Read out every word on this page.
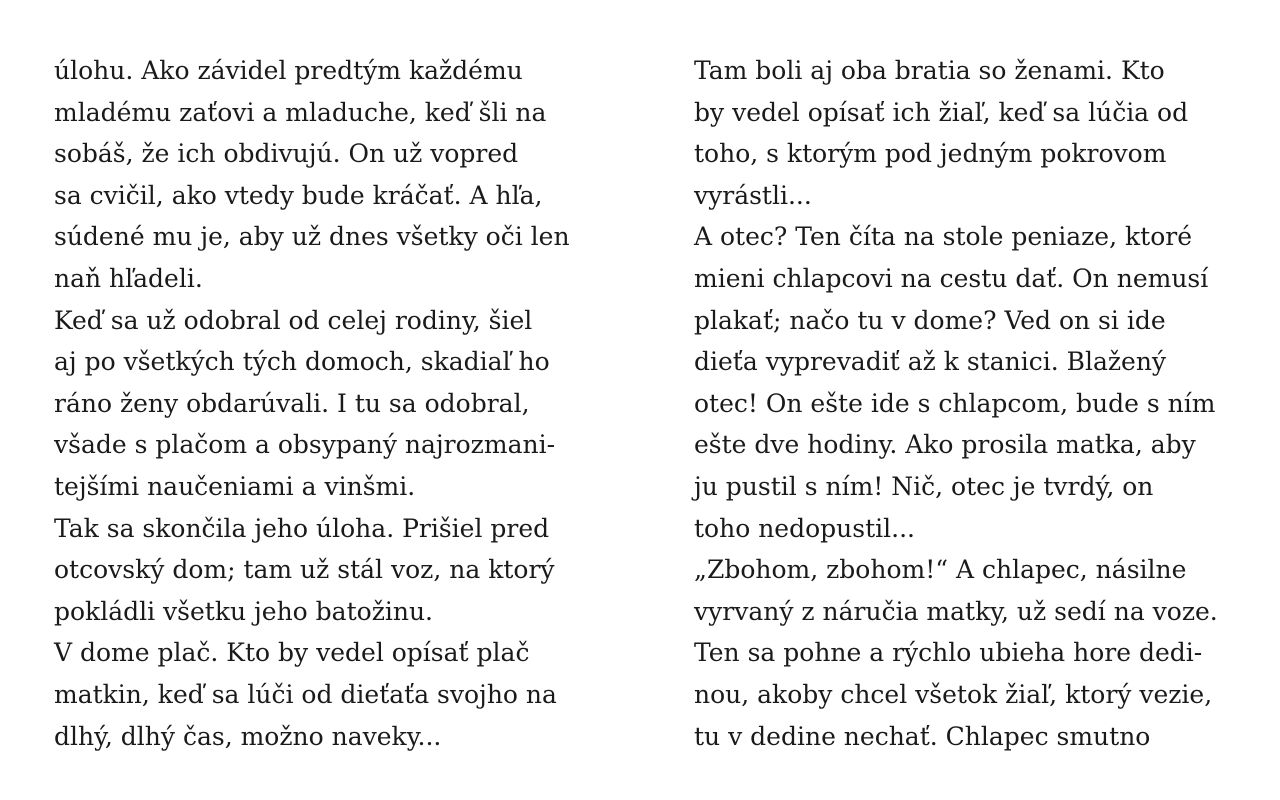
úlohu. Ako závidel predtým každému
mladému zaťovi a mladuche, keď šli na
sobáš, že ich obdivujú. On už vopred
sa cvičil, ako vtedy bude kráčať. A hľa,
súdené mu je, aby už dnes všetky oči len
naň hľadeli.
Keď sa už odobral od celej rodiny, šiel
aj po všetkých tých domoch, skadiaľ ho
ráno ženy obdarúvali. I tu sa odobral,
všade s plačom a obsypaný najrozmani-
tejšími naučeniami a vinšmi.
Tak sa skončila jeho úloha. Prišiel pred
otcovský dom; tam už stál voz, na ktorý
pokládli všetku jeho batožinu.
V dome plač. Kto by vedel opísať plač
matkin, keď sa lúči od dieťaťa svojho na
dlhý, dlhý čas, možno naveky...
Tam boli aj oba bratia so ženami. Kto
by vedel opísať ich žiaľ, keď sa lúčia od
toho, s ktorým pod jedným pokrovom
vyrástli...
A otec? Ten číta na stole peniaze, ktoré
mieni chlapcovi na cestu dať. On nemusí
plakať; načo tu v dome? Ved on si ide
dieťa vyprevadiť až k stanici. Blažený
otec! On ešte ide s chlapcom, bude s ním
ešte dve hodiny. Ako prosila matka, aby
ju pustil s ním! Nič, otec je tvrdý, on
toho nedopustil...
„Zbohom, zbohom!“ A chlapec, násilne
vyrvaný z náručia matky, už sedí na voze.
Ten sa pohne a rýchlo ubieha hore dedi-
nou, akoby chcel všetok žiaľ, ktorý vezie,
tu v dedine nechať. Chlapec smutno
